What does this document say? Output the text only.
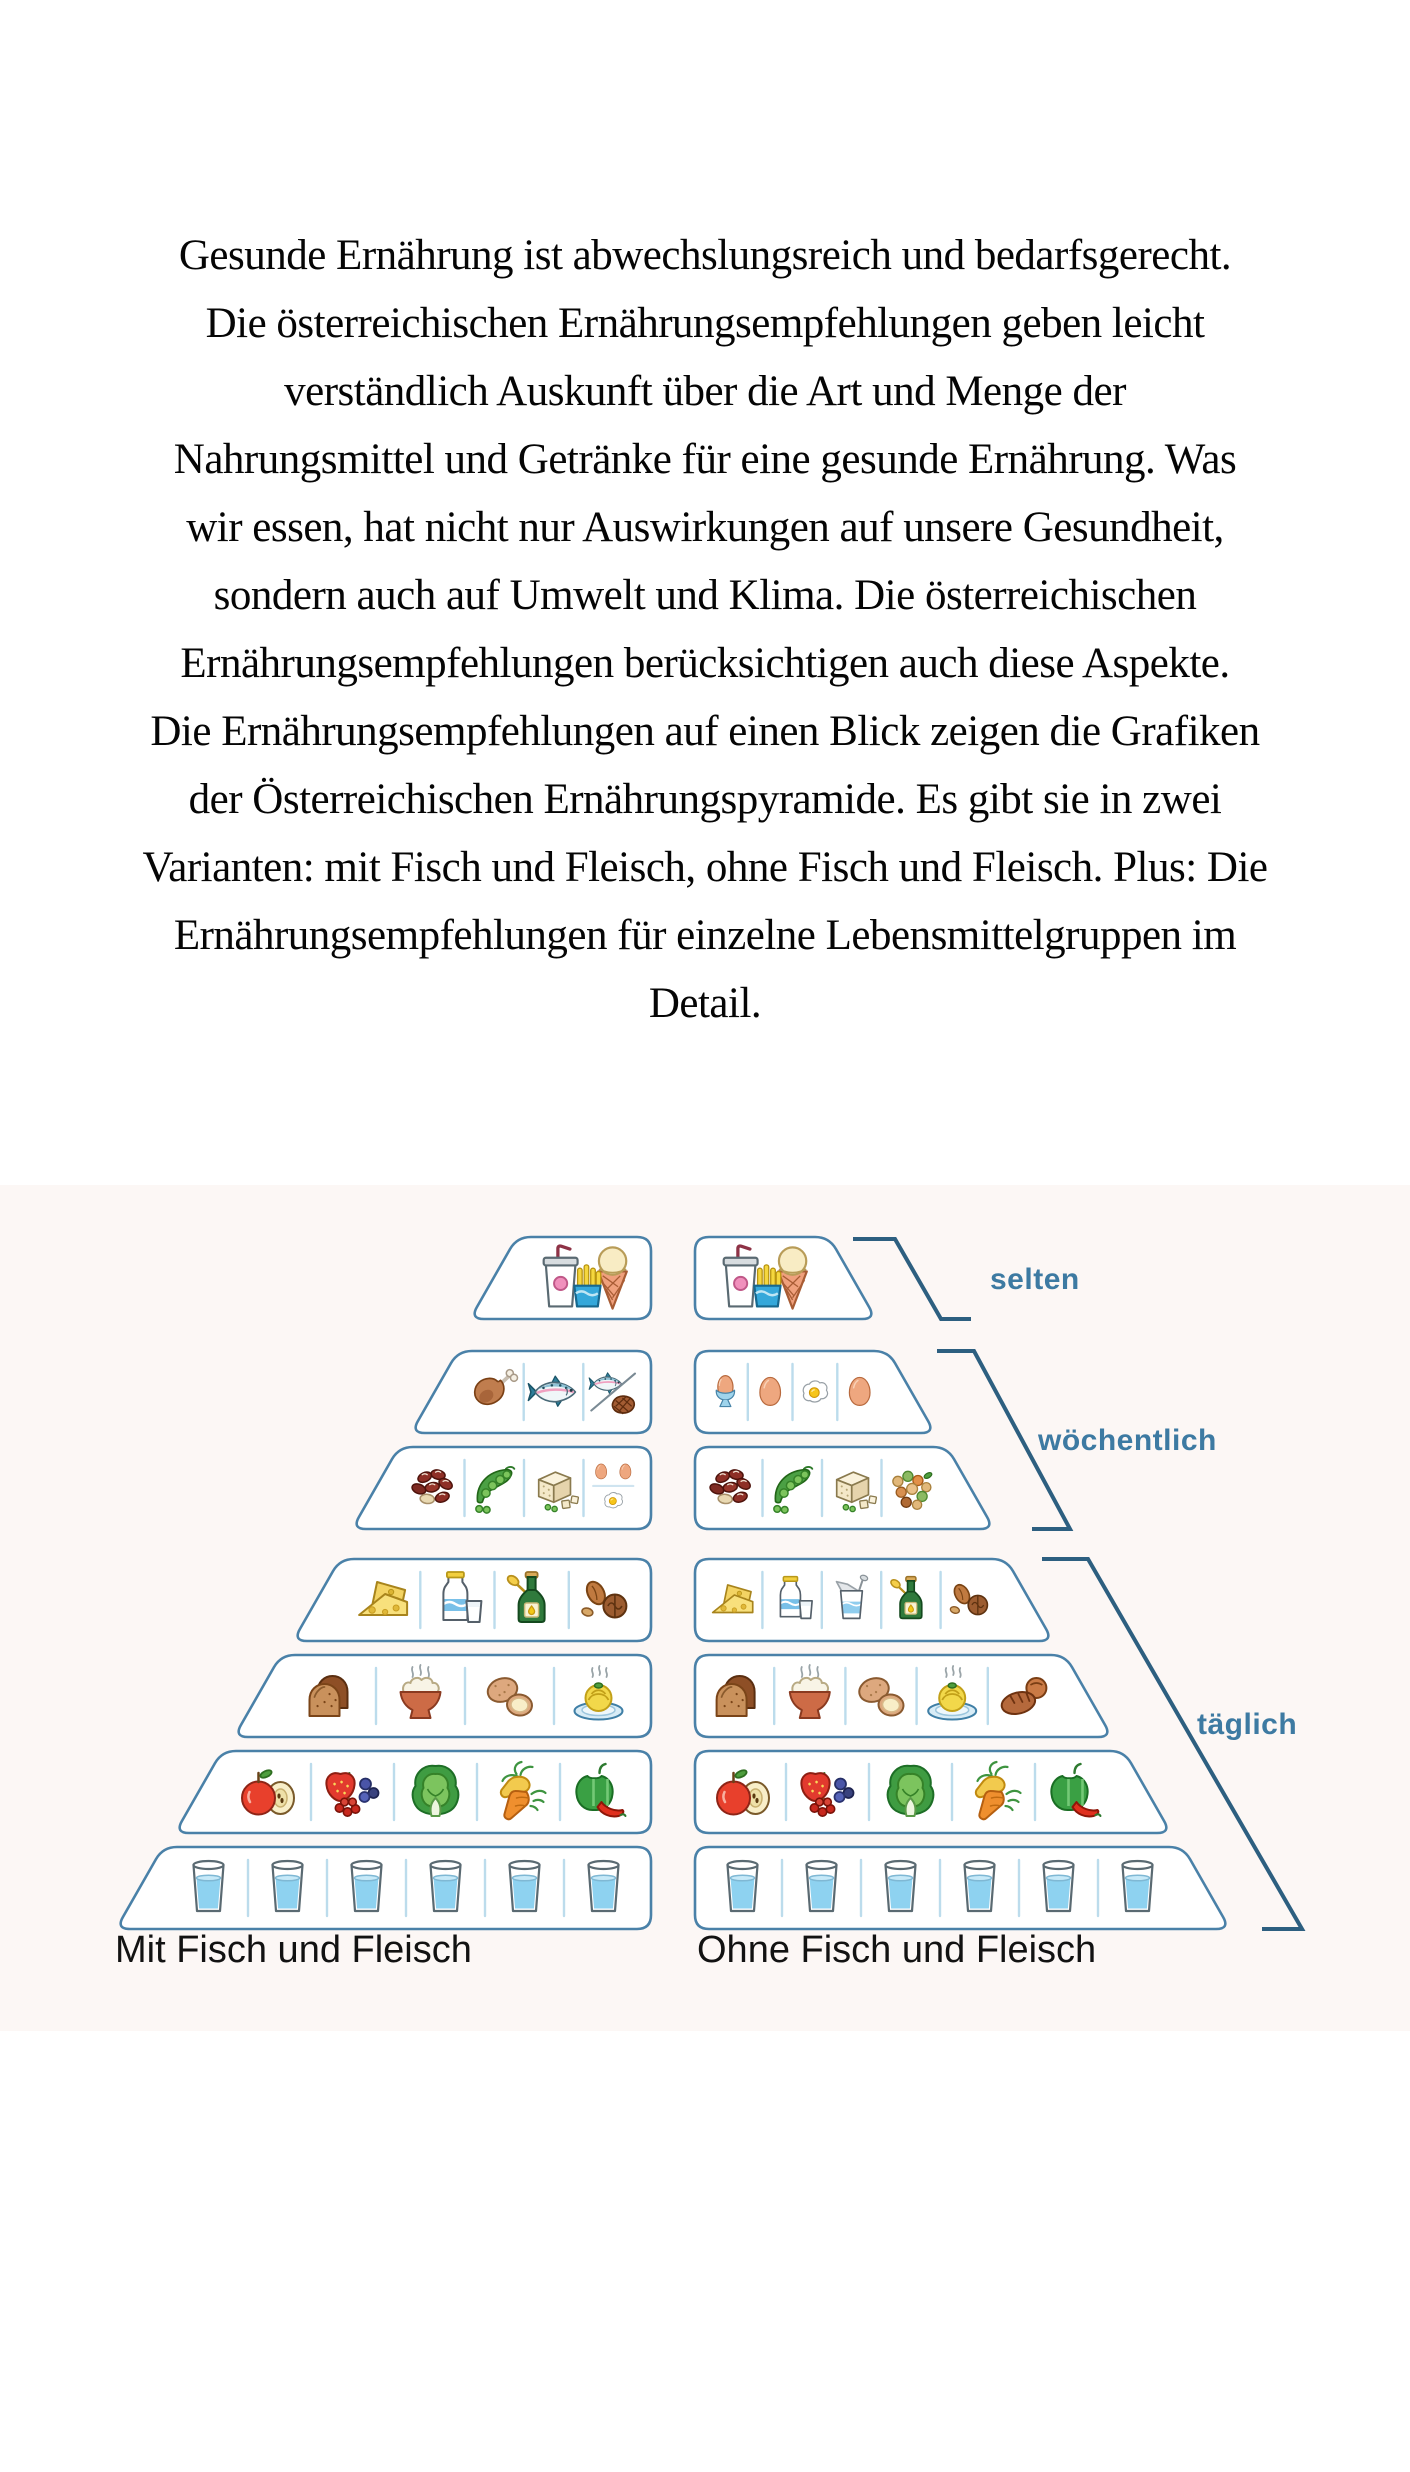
Gesunde Ernährung ist abwechslungsreich und bedarfsgerecht.
Die österreichischen Ernährungsempfehlungen geben leicht
verständlich Auskunft über die Art und Menge der
Nahrungsmittel und Getränke für eine gesunde Ernährung. Was
wir essen, hat nicht nur Auswirkungen auf unsere Gesundheit,
sondern auch auf Umwelt und Klima. Die österreichischen
Ernährungsempfehlungen berücksichtigen auch diese Aspekte.
Die Ernährungsempfehlungen auf einen Blick zeigen die Grafiken
der Österreichischen Ernährungspyramide. Es gibt sie in zwei
Varianten: mit Fisch und Fleisch, ohne Fisch und Fleisch. Plus: Die
Ernährungsempfehlungen für einzelne Lebensmittelgruppen im
Detail.
selten
wöchentlich
täglich
Mit Fisch und Fleisch	Ohne Fisch und Fleisch
